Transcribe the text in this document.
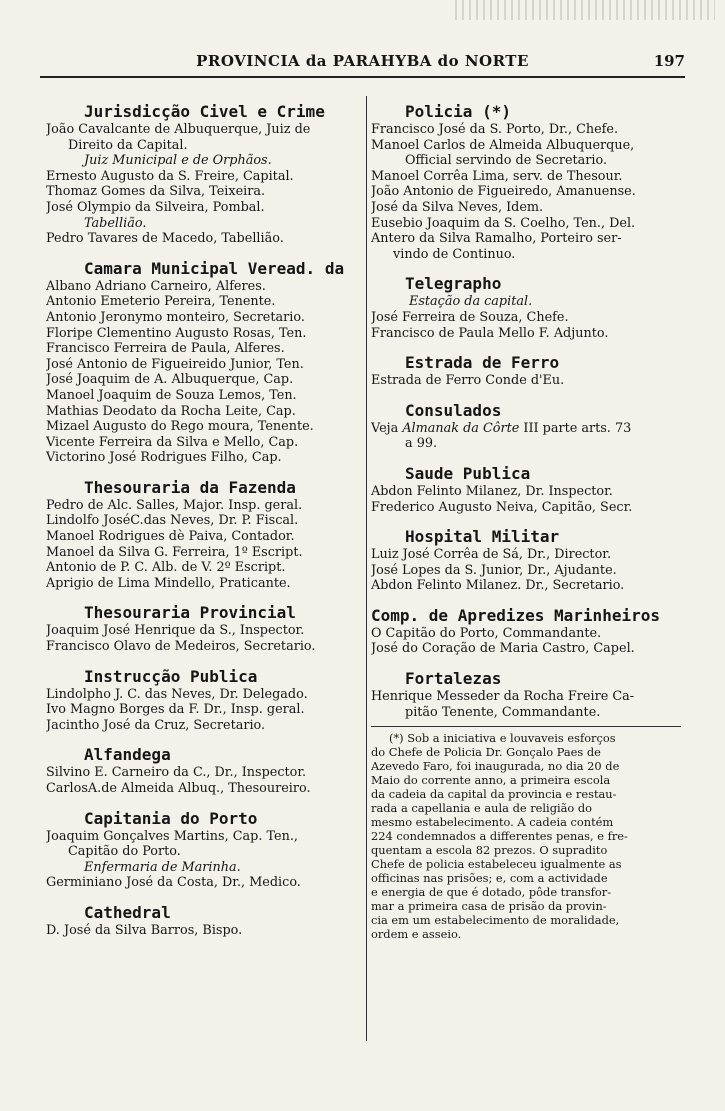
PROVINCIA da PARAHYBA do NORTE	197
Jurisdicção Civel e Crime
João Cavalcante de Albuquerque, Juiz de
Direito da Capital.
Juiz Municipal e de Orphãos.
Ernesto Augusto da S. Freire, Capital.
Thomaz Gomes da Silva, Teixeira.
José Olympio da Silveira, Pombal.
Tabellião.
Pedro Tavares de Macedo, Tabellião.
Camara Municipal Veread. da
Albano Adriano Carneiro, Alferes.
Antonio Emeterio Pereira, Tenente.
Antonio Jeronymo monteiro, Secretario.
Floripe Clementino Augusto Rosas, Ten.
Francisco Ferreira de Paula, Alferes.
José Antonio de Figueireido Junior, Ten.
José Joaquim de A. Albuquerque, Cap.
Manoel Joaquim de Souza Lemos, Ten.
Mathias Deodato da Rocha Leite, Cap.
Mizael Augusto do Rego moura, Tenente.
Vicente Ferreira da Silva e Mello, Cap.
Victorino José Rodrigues Filho, Cap.
Thesouraria da Fazenda
Pedro de Alc. Salles, Major. Insp. geral.
Lindolfo JoséC.das Neves, Dr. P. Fiscal.
Manoel Rodrigues dè Paiva, Contador.
Manoel da Silva G. Ferreira, 1º Escript.
Antonio de P. C. Alb. de V. 2º Escript.
Aprigio de Lima Mindello, Praticante.
Thesouraria Provincial
Joaquim José Henrique da S., Inspector.
Francisco Olavo de Medeiros, Secretario.
Instrucção Publica
Lindolpho J. C. das Neves, Dr. Delegado.
Ivo Magno Borges da F. Dr., Insp. geral.
Jacintho José da Cruz, Secretario.
Alfandega
Silvino E. Carneiro da C., Dr., Inspector.
CarlosA.de Almeida Albuq., Thesoureiro.
Capitania do Porto
Joaquim Gonçalves Martins, Cap. Ten.,
Capitão do Porto.
Enfermaria de Marinha.
Germiniano José da Costa, Dr., Medico.
Cathedral
D. José da Silva Barros, Bispo.
Policia (*)
Francisco José da S. Porto, Dr., Chefe.
Manoel Carlos de Almeida Albuquerque,
Official servindo de Secretario.
Manoel Corrêa Lima, serv. de Thesour.
João Antonio de Figueiredo, Amanuense.
José da Silva Neves, Idem.
Eusebio Joaquim da S. Coelho, Ten., Del.
Antero da Silva Ramalho, Porteiro ser-
vindo de Continuo.
Telegrapho
Estação da capital.
José Ferreira de Souza, Chefe.
Francisco de Paula Mello F. Adjunto.
Estrada de Ferro
Estrada de Ferro Conde d'Eu.
Consulados
Veja Almanak da Côrte III parte arts. 73
a 99.
Saude Publica
Abdon Felinto Milanez, Dr. Inspector.
Frederico Augusto Neiva, Capitão, Secr.
Hospital Militar
Luiz José Corrêa de Sá, Dr., Director.
José Lopes da S. Junior, Dr., Ajudante.
Abdon Felinto Milanez. Dr., Secretario.
Comp. de Apredizes Marinheiros
O Capitão do Porto, Commandante.
José do Coração de Maria Castro, Capel.
Fortalezas
Henrique Messeder da Rocha Freire Ca-
pitão Tenente, Commandante.
(*) Sob a iniciativa e louvaveis esforços
do Chefe de Policia Dr. Gonçalo Paes de
Azevedo Faro, foi inaugurada, no dia 20 de
Maio do corrente anno, a primeira escola
da cadeia da capital da provincia e restau-
rada a capellania e aula de religião do
mesmo estabelecimento. A cadeia contém
224 condemnados a differentes penas, e fre-
quentam a escola 82 prezos. O supradito
Chefe de policia estabeleceu igualmente as
officinas nas prisões; e, com a actividade
e energia de que é dotado, pôde transfor-
mar a primeira casa de prisão da provin-
cia em um estabelecimento de moralidade,
ordem e asseio.
